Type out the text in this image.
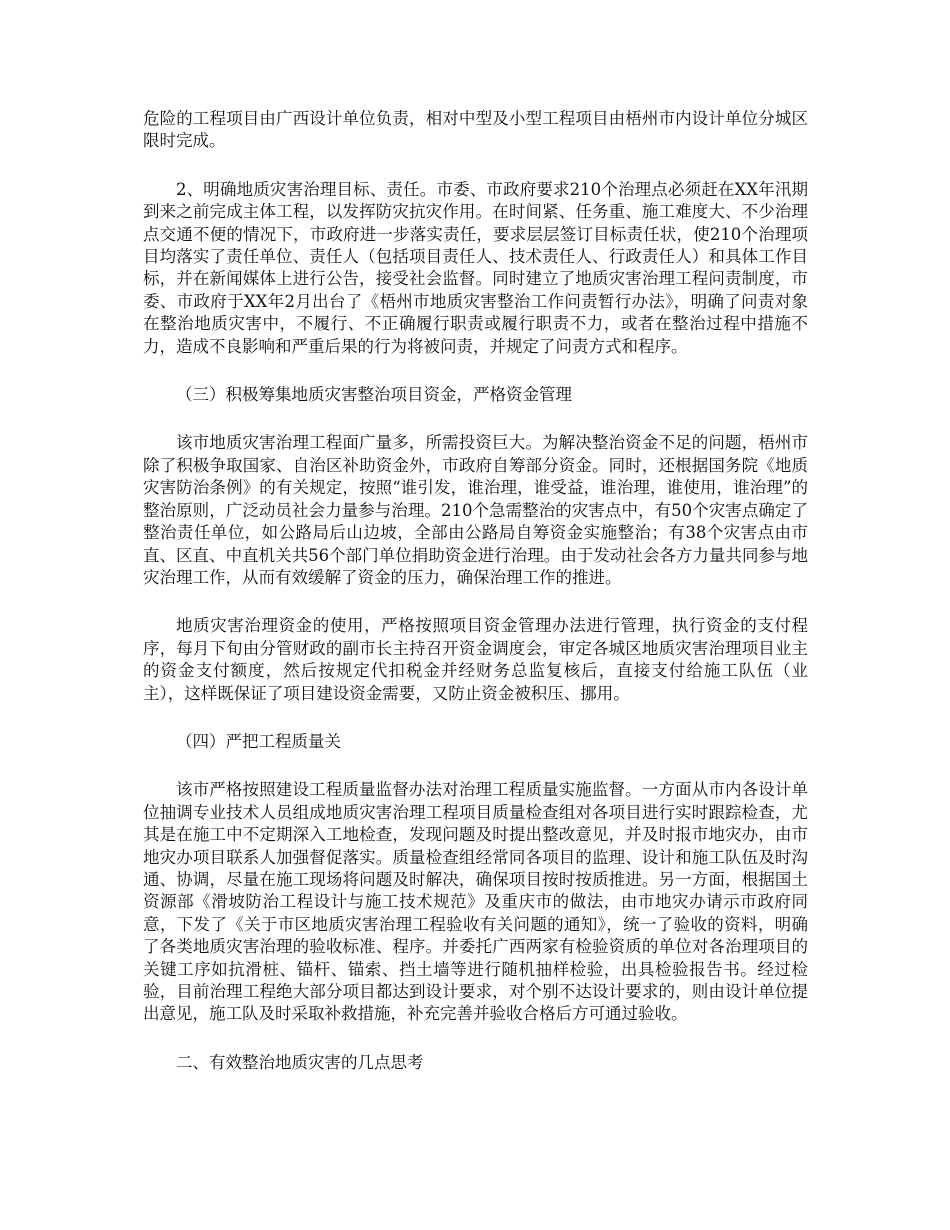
危险的工程项目由广西设计单位负责，相对中型及小型工程项目由梧州市内设计单位分城区限时完成。

2、明确地质灾害治理目标、责任。市委、市政府要求210个治理点必须赶在XX年汛期到来之前完成主体工程，以发挥防灾抗灾作用。在时间紧、任务重、施工难度大、不少治理点交通不便的情况下，市政府进一步落实责任，要求层层签订目标责任状，使210个治理项目均落实了责任单位、责任人（包括项目责任人、技术责任人、行政责任人）和具体工作目标，并在新闻媒体上进行公告，接受社会监督。同时建立了地质灾害治理工程问责制度，市委、市政府于XX年2月出台了《梧州市地质灾害整治工作问责暂行办法》，明确了问责对象在整治地质灾害中，不履行、不正确履行职责或履行职责不力，或者在整治过程中措施不力，造成不良影响和严重后果的行为将被问责，并规定了问责方式和程序。

（三）积极筹集地质灾害整治项目资金，严格资金管理

该市地质灾害治理工程面广量多，所需投资巨大。为解决整治资金不足的问题，梧州市除了积极争取国家、自治区补助资金外，市政府自筹部分资金。同时，还根据国务院《地质灾害防治条例》的有关规定，按照“谁引发，谁治理，谁受益，谁治理，谁使用，谁治理”的整治原则，广泛动员社会力量参与治理。210个急需整治的灾害点中，有50个灾害点确定了整治责任单位，如公路局后山边坡，全部由公路局自筹资金实施整治；有38个灾害点由市直、区直、中直机关共56个部门单位捐助资金进行治理。由于发动社会各方力量共同参与地灾治理工作，从而有效缓解了资金的压力，确保治理工作的推进。

地质灾害治理资金的使用，严格按照项目资金管理办法进行管理，执行资金的支付程序，每月下旬由分管财政的副市长主持召开资金调度会，审定各城区地质灾害治理项目业主的资金支付额度，然后按规定代扣税金并经财务总监复核后，直接支付给施工队伍（业主），这样既保证了项目建设资金需要，又防止资金被积压、挪用。

（四）严把工程质量关

该市严格按照建设工程质量监督办法对治理工程质量实施监督。一方面从市内各设计单位抽调专业技术人员组成地质灾害治理工程项目质量检查组对各项目进行实时跟踪检查，尤其是在施工中不定期深入工地检查，发现问题及时提出整改意见，并及时报市地灾办，由市地灾办项目联系人加强督促落实。质量检查组经常同各项目的监理、设计和施工队伍及时沟通、协调，尽量在施工现场将问题及时解决，确保项目按时按质推进。另一方面，根据国土资源部《滑坡防治工程设计与施工技术规范》及重庆市的做法，由市地灾办请示市政府同意，下发了《关于市区地质灾害治理工程验收有关问题的通知》，统一了验收的资料，明确了各类地质灾害治理的验收标准、程序。并委托广西两家有检验资质的单位对各治理项目的关键工序如抗滑桩、锚杆、锚索、挡土墙等进行随机抽样检验，出具检验报告书。经过检验，目前治理工程绝大部分项目都达到设计要求，对个别不达设计要求的，则由设计单位提出意见，施工队及时采取补救措施，补充完善并验收合格后方可通过验收。

二、有效整治地质灾害的几点思考
